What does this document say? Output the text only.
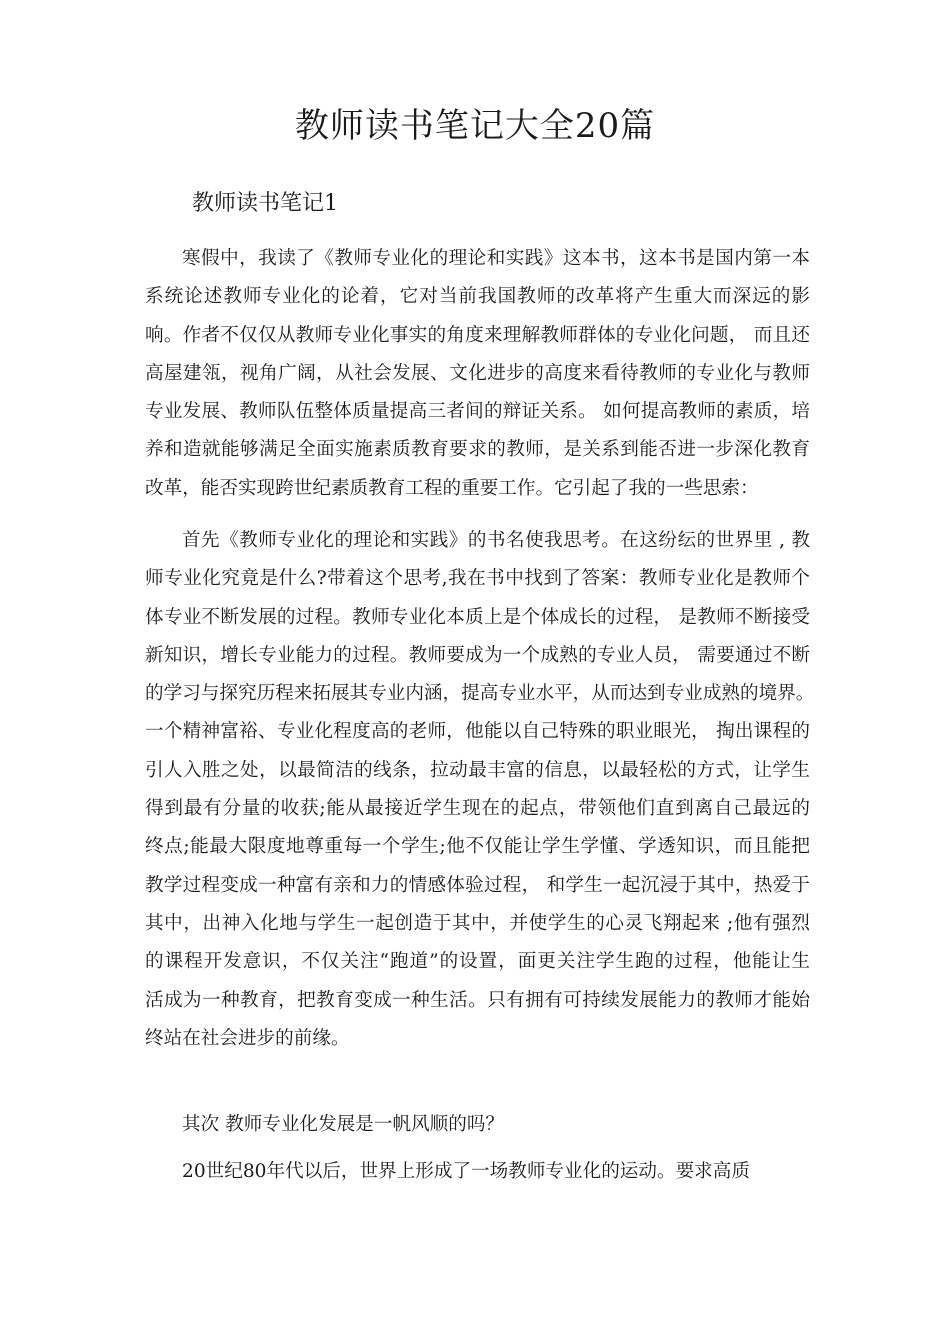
教师读书笔记大全20篇
教师读书笔记1
寒假中，我读了《教师专业化的理论和实践》这本书，这本书是国内第一本
系统论述教师专业化的论着，它对当前我国教师的改革将产生重大而深远的影
响。作者不仅仅从教师专业化事实的角度来理解教师群体的专业化问题， 而且还
高屋建瓴，视角广阔，从社会发展、文化进步的高度来看待教师的专业化与教师
专业发展、教师队伍整体质量提高三者间的辩证关系。 如何提高教师的素质，培
养和造就能够满足全面实施素质教育要求的教师，是关系到能否进一步深化教育
改革，能否实现跨世纪素质教育工程的重要工作。它引起了我的一些思索：
首先《教师专业化的理论和实践》的书名使我思考。在这纷纭的世界里 , 教
师专业化究竟是什么?带着这个思考,我在书中找到了答案：教师专业化是教师个
体专业不断发展的过程。教师专业化本质上是个体成长的过程， 是教师不断接受
新知识，增长专业能力的过程。教师要成为一个成熟的专业人员， 需要通过不断
的学习与探究历程来拓展其专业内涵，提高专业水平，从而达到专业成熟的境界。
一个精神富裕、专业化程度高的老师，他能以自己特殊的职业眼光， 掏出课程的
引人入胜之处，以最简洁的线条，拉动最丰富的信息，以最轻松的方式，让学生
得到最有分量的收获;能从最接近学生现在的起点，带领他们直到离自己最远的
终点;能最大限度地尊重每一个学生;他不仅能让学生学懂、学透知识，而且能把
教学过程变成一种富有亲和力的情感体验过程， 和学生一起沉浸于其中，热爱于
其中，出神入化地与学生一起创造于其中，并使学生的心灵飞翔起来 ;他有强烈
的课程开发意识，不仅关注“跑道”的设置，面更关注学生跑的过程，他能让生
活成为一种教育，把教育变成一种生活。只有拥有可持续发展能力的教师才能始
终站在社会进步的前缘。

其次 教师专业化发展是一帆风顺的吗？

20世纪80年代以后，世界上形成了一场教师专业化的运动。要求高质
